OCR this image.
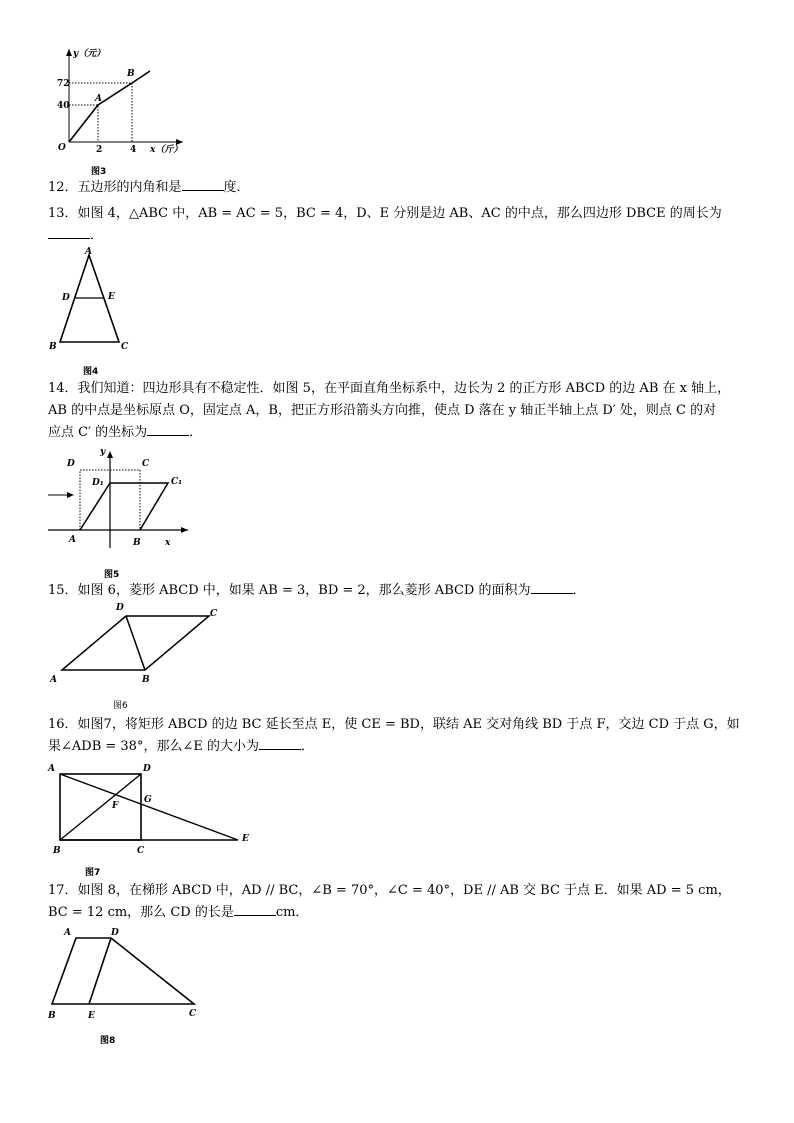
y（元）
x（斤）
O
72
40
2	4
A
B
图3
12．五边形的内角和是	度．
13．如图 4，△ABC 中，AB = AC = 5，BC = 4，D、E 分别是边 AB、AC 的中点，那么四边形 DBCE 的周长为
．
A
D	E
B	C
图4
14．我们知道：四边形具有不稳定性．如图 5，在平面直角坐标系中，边长为 2 的正方形 ABCD 的边 AB 在 x 轴上，
AB 的中点是坐标原点 O，固定点 A，B，把正方形沿箭头方向推，使点 D 落在 y 轴正半轴上点 D′ 处，则点 C 的对
应点 C′ 的坐标为	．
D	C
y
D₁	C₁
A	B	x
图5
15．如图 6，菱形 ABCD 中，如果 AB = 3，BD = 2，那么菱形 ABCD 的面积为	．
D
C
A	B
图6
16．如图7，将矩形 ABCD 的边 BC 延长至点 E，使 CE = BD，联结 AE 交对角线 BD 于点 F，交边 CD 于点 G，如
果∠ADB = 38°，那么∠E 的大小为	．
A	D
G
F
B	C
E
图7
17．如图 8，在梯形 ABCD 中，AD // BC，∠B = 70°，∠C = 40°，DE // AB 交 BC 于点 E．如果 AD = 5 cm，
BC = 12 cm，那么 CD 的长是	cm．
A	D
B	E	C
图8
